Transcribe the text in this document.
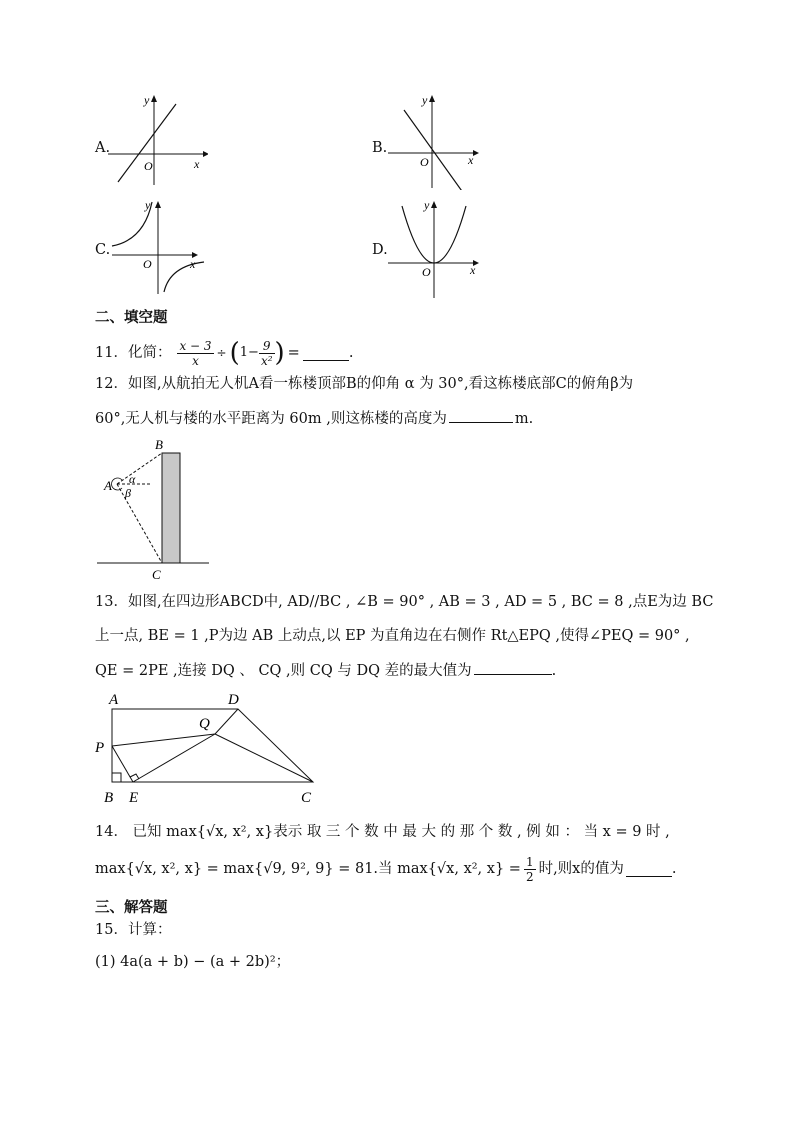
A.
y
x
O
B.
y
x
O
C.
y
x
O
D.
y
x
O
二、填空题
11．化简： $\frac{x - 3}{x}$ ÷ ( $1- \frac{9}{\text{x²}}$ ) =	.
12．如图,从航拍无人机A看一栋楼顶部B的仰角 α 为 30°,看这栋楼底部C的俯角β为
60°,无人机与楼的水平距离为 60m ,则这栋楼的高度为	m.
A
B
C
α
β
13．如图,在四边形ABCD中, AD//BC , ∠B = 90° , AB = 3 , AD = 5 , BC = 8 ,点E为边 BC
上一点, BE = 1 ,P为边 AB 上动点,以 EP 为直角边在右侧作 Rt△EPQ ,使得∠PEQ = 90° ,
QE = 2PE ,连接 DQ 、 CQ ,则 CQ 与 DQ 差的最大值为	.
A	D
Q
P
B E	C
14． 已知 max{√x, x², x}表示 取 三 个 数 中 最 大 的 那 个 数 , 例 如 ： 当 x = 9 时 ,
max{√x, x², x} = max{√9, 9², 9} = 81.当 max{√x, x², $x\} = \frac{1}{2}$ 时,则x的值为	.
三、解答题
15．计算：
(1) 4a(a + b) − (a + 2b)²；
